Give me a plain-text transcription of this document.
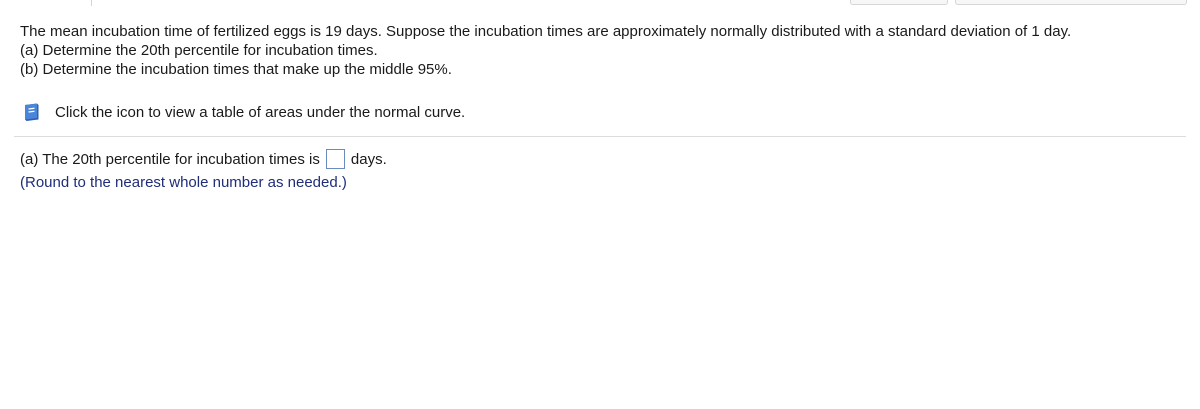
The mean incubation time of fertilized eggs is 19 days. Suppose the incubation times are approximately normally distributed with a standard deviation of 1 day.

(a) Determine the 20th percentile for incubation times.

(b) Determine the incubation times that make up the middle 95%.

Click the icon to view a table of areas under the normal curve.
(a) The 20th percentile for incubation times is days.
(Round to the nearest whole number as needed.)
